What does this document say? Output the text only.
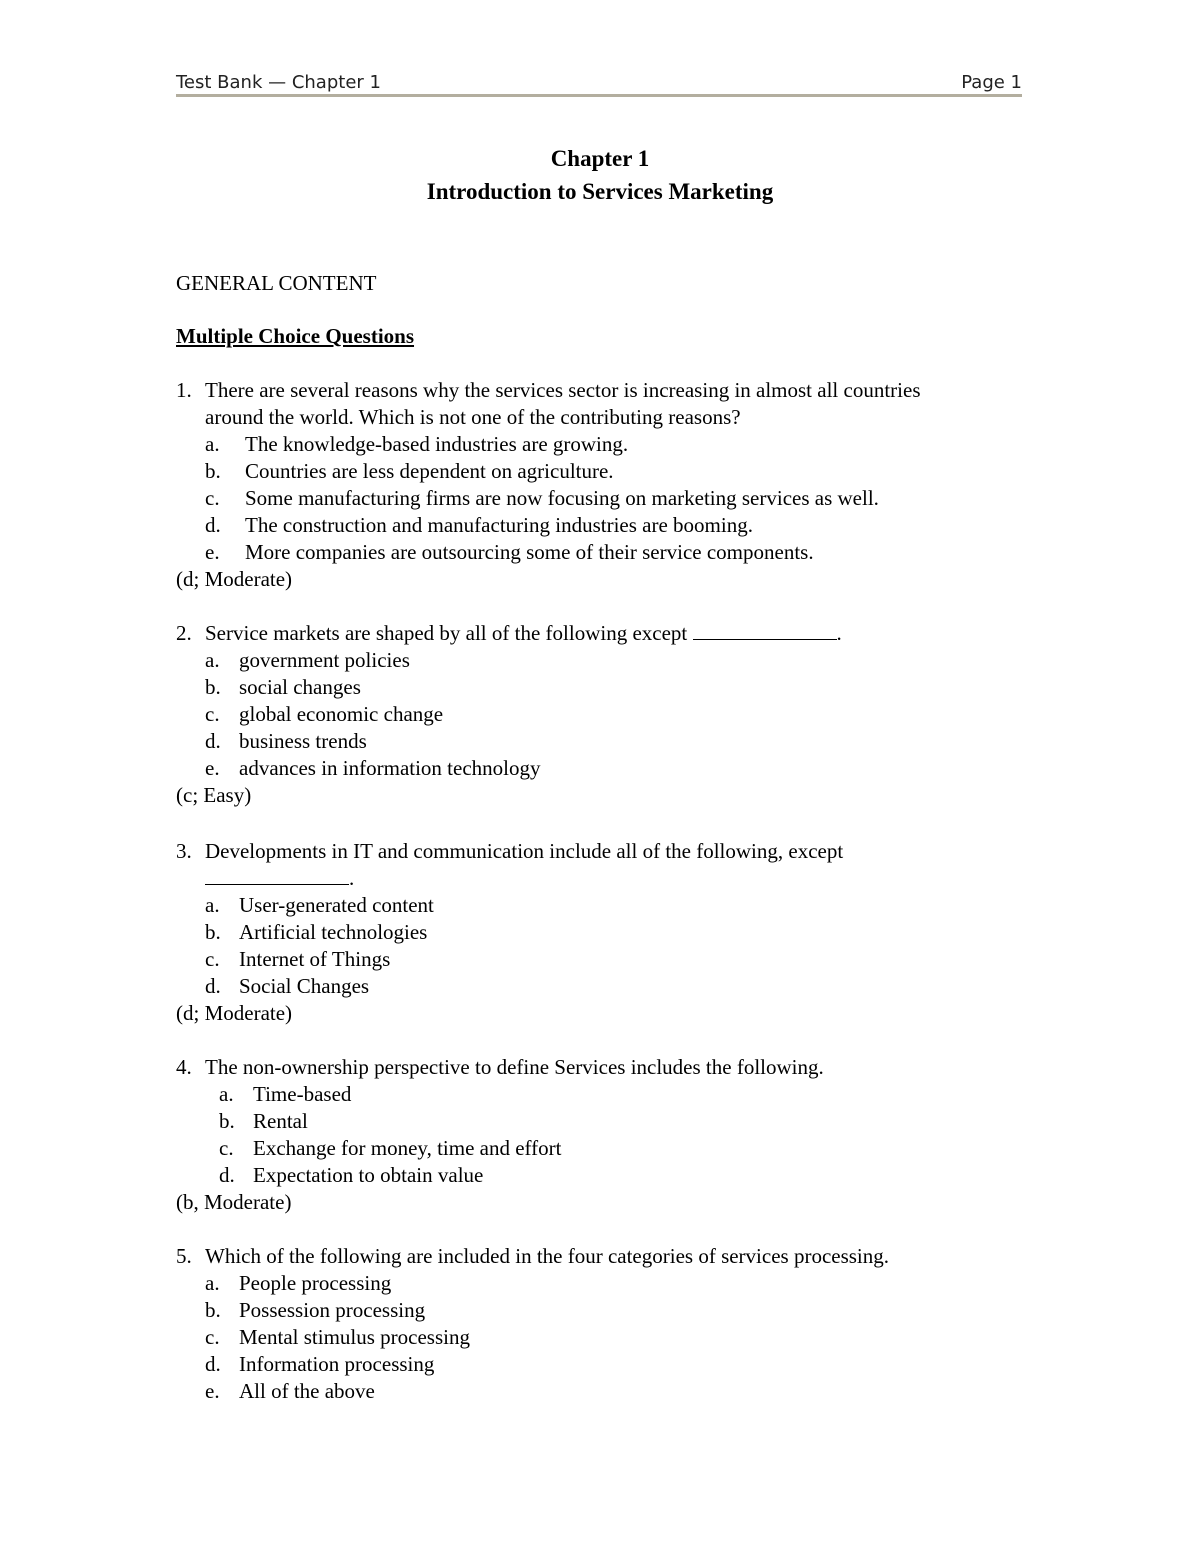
Test Bank — Chapter 1	Page 1
Chapter 1
Introduction to Services Marketing
GENERAL CONTENT
Multiple Choice Questions
1. There are several reasons why the services sector is increasing in almost all countries
around the world. Which is not one of the contributing reasons?
a. The knowledge-based industries are growing.
b. Countries are less dependent on agriculture.
c. Some manufacturing firms are now focusing on marketing services as well.
d. The construction and manufacturing industries are booming.
e. More companies are outsourcing some of their service components.
(d; Moderate)
2. Service markets are shaped by all of the following except	.
a. government policies
b. social changes
c. global economic change
d. business trends
e. advances in information technology
(c; Easy)
3. Developments in IT and communication include all of the following, except
.
a. User-generated content
b. Artificial technologies
c. Internet of Things
d. Social Changes
(d; Moderate)
4. The non-ownership perspective to define Services includes the following.
a. Time-based
b. Rental
c. Exchange for money, time and effort
d. Expectation to obtain value
(b, Moderate)
5. Which of the following are included in the four categories of services processing.
a. People processing
b. Possession processing
c. Mental stimulus processing
d. Information processing
e. All of the above
